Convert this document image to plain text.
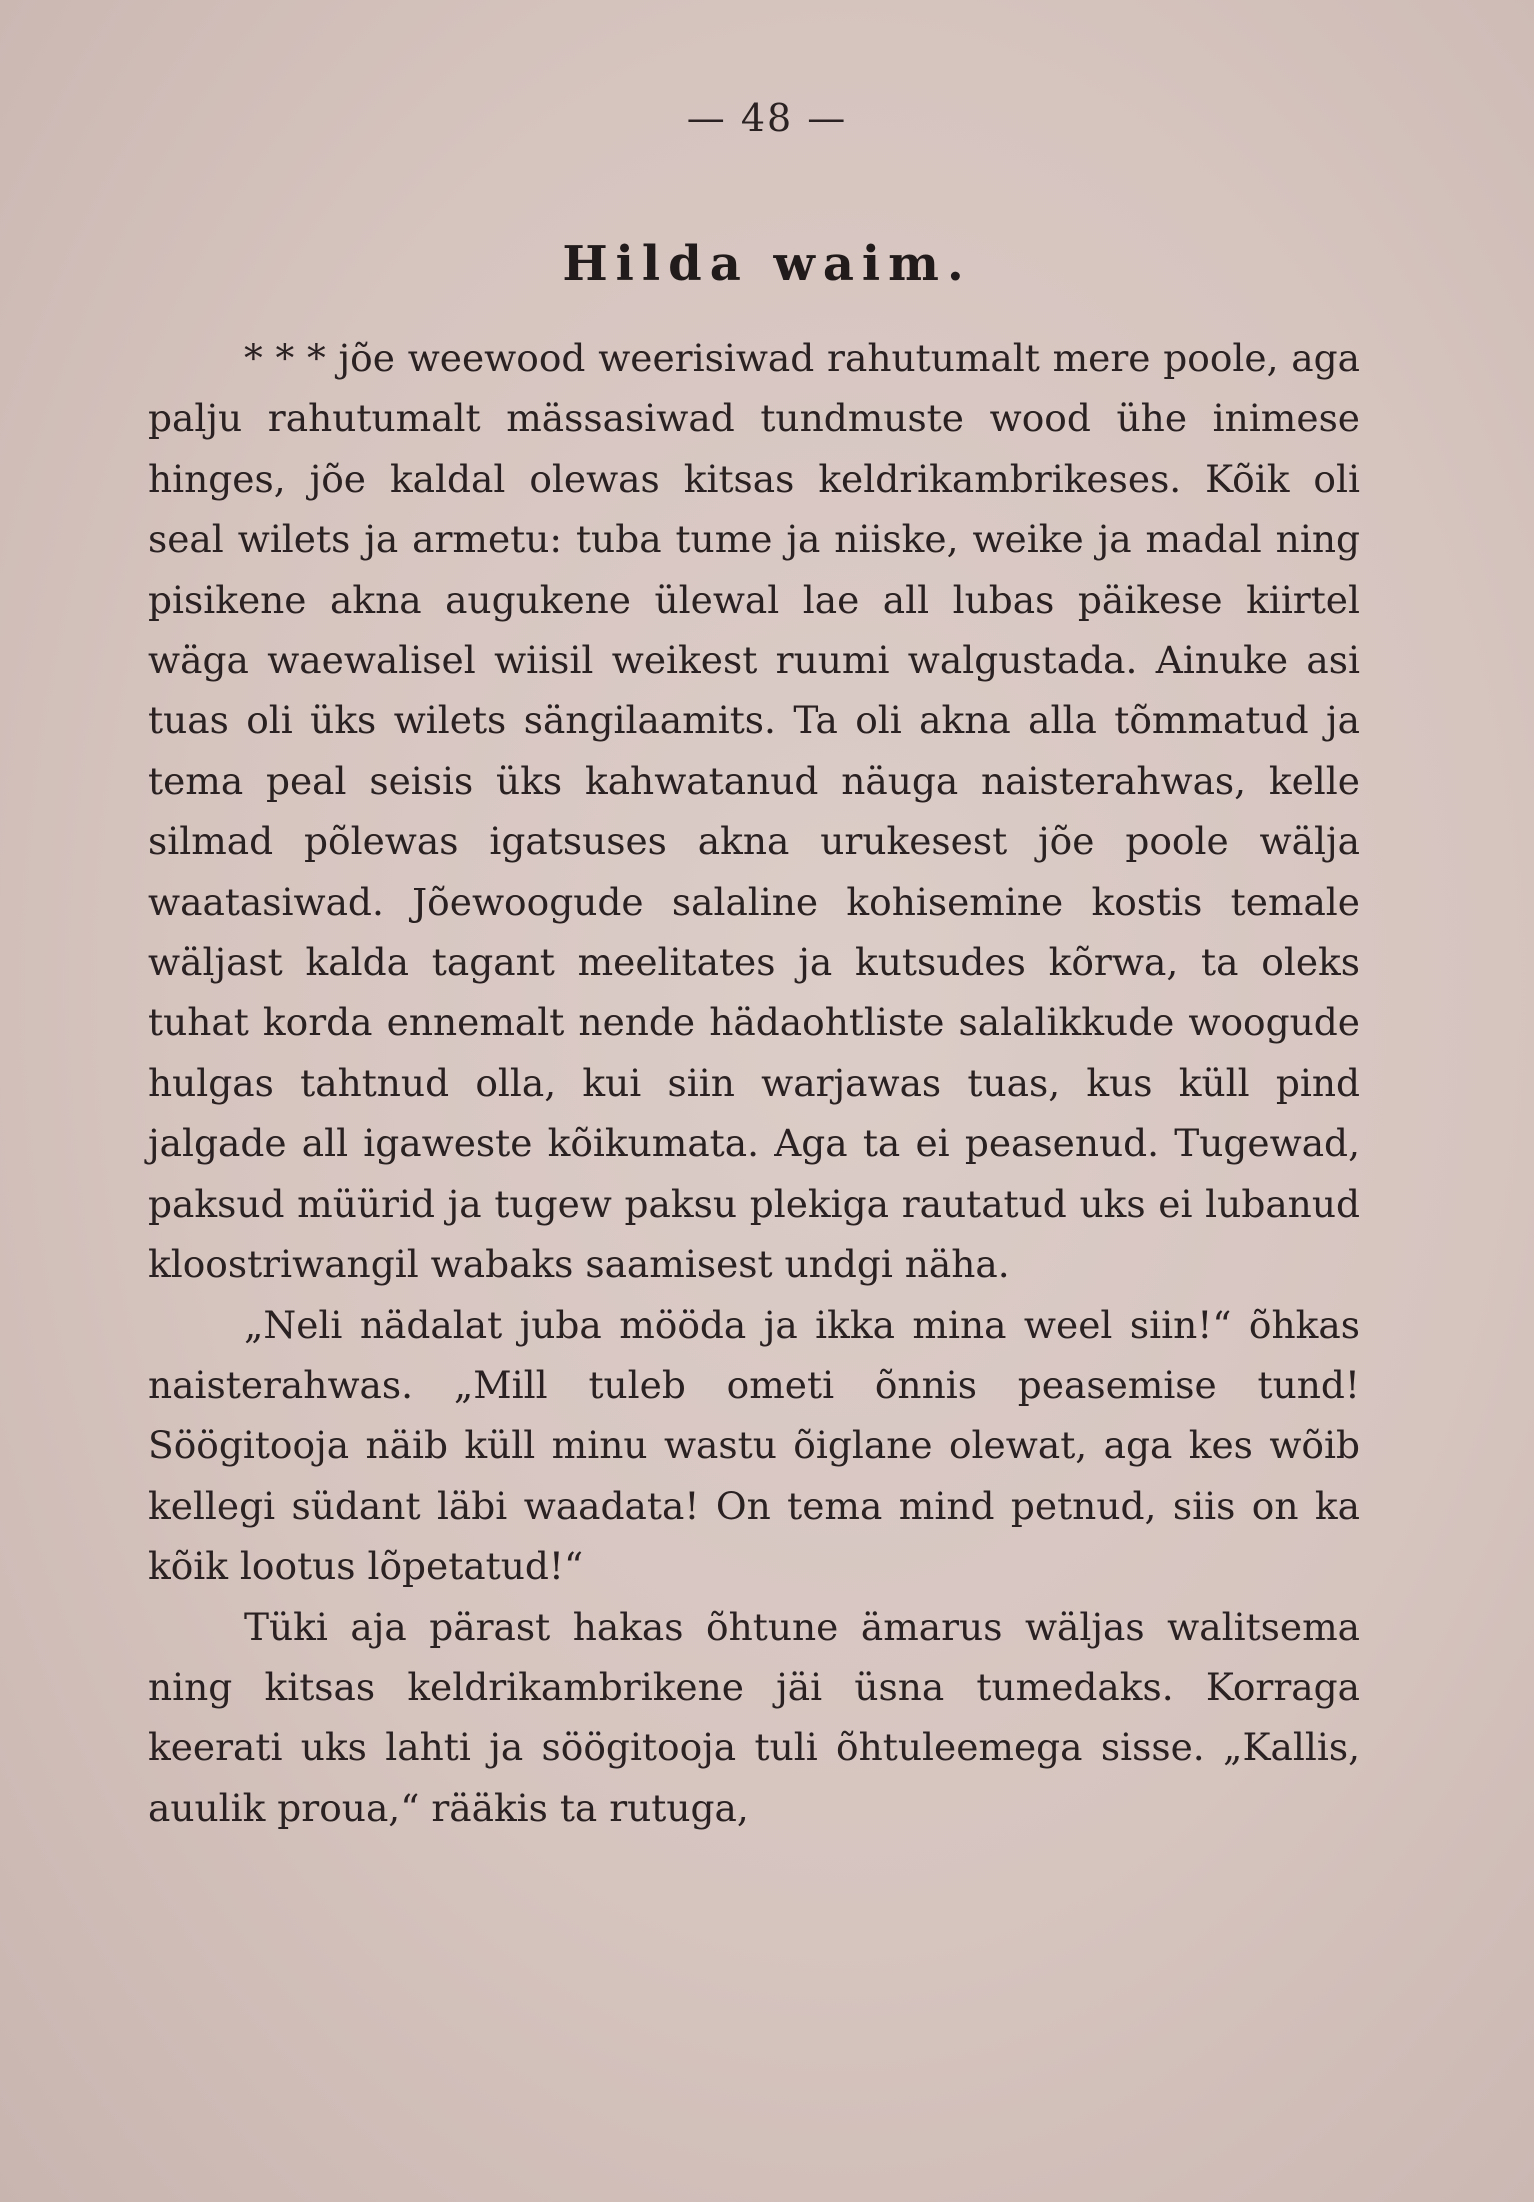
— 48 —
Hilda waim.

* * * jõe weewood weerisiwad rahutumalt mere poole, aga palju rahutumalt mässasiwad tundmuste wood ühe inimese hinges, jõe kaldal olewas kitsas keldrikambrikeses. Kõik oli seal wilets ja armetu: tuba tume ja niiske, weike ja madal ning pisikene akna augukene ülewal lae all lubas päikese kiirtel wäga waewalisel wiisil weikest ruumi walgustada. Ainuke asi tuas oli üks wilets sängilaamits. Ta oli akna alla tõmmatud ja tema peal seisis üks kahwatanud näuga naisterahwas, kelle silmad põlewas igatsuses akna urukesest jõe poole wälja waatasiwad. Jõewoogude salaline kohisemine kostis temale wäljast kalda tagant meelitates ja kutsudes kõrwa, ta oleks tuhat korda ennemalt nende hädaohtliste salalikkude woogude hulgas tahtnud olla, kui siin warjawas tuas, kus küll pind jalgade all igaweste kõikumata. Aga ta ei peasenud. Tugewad, paksud müürid ja tugew paksu plekiga rautatud uks ei lubanud kloostriwangil wabaks saamisest undgi näha.

„Neli nädalat juba mööda ja ikka mina weel siin!“ õhkas naisterahwas. „Mill tuleb ometi õnnis peasemise tund! Söögitooja näib küll minu wastu õiglane olewat, aga kes wõib kellegi südant läbi waadata! On tema mind petnud, siis on ka kõik lootus lõpetatud!“

Tüki aja pärast hakas õhtune ämarus wäljas walitsema ning kitsas keldrikambrikene jäi üsna tumedaks. Korraga keerati uks lahti ja söögitooja tuli õhtuleemega sisse. „Kallis, auulik proua,“ rääkis ta rutuga,
